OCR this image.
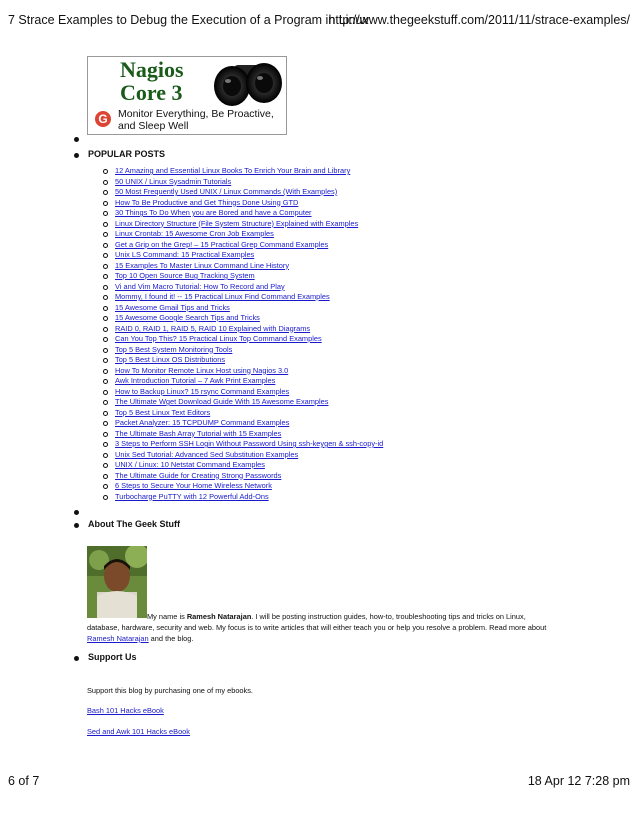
7 Strace Examples to Debug the Execution of a Program in Linux
http://www.thegeekstuff.com/2011/11/strace-examples/
Nagios
Core 3
G Monitor Everything, Be Proactive, and Sleep Well
POPULAR POSTS
12 Amazing and Essential Linux Books To Enrich Your Brain and Library
50 UNIX / Linux Sysadmin Tutorials
50 Most Frequently Used UNIX / Linux Commands (With Examples)
How To Be Productive and Get Things Done Using GTD
30 Things To Do When you are Bored and have a Computer
Linux Directory Structure (File System Structure) Explained with Examples
Linux Crontab: 15 Awesome Cron Job Examples
Get a Grip on the Grep! – 15 Practical Grep Command Examples
Unix LS Command: 15 Practical Examples
15 Examples To Master Linux Command Line History
Top 10 Open Source Bug Tracking System
Vi and Vim Macro Tutorial: How To Record and Play
Mommy, I found it! -- 15 Practical Linux Find Command Examples
15 Awesome Gmail Tips and Tricks
15 Awesome Google Search Tips and Tricks
RAID 0, RAID 1, RAID 5, RAID 10 Explained with Diagrams
Can You Top This? 15 Practical Linux Top Command Examples
Top 5 Best System Monitoring Tools
Top 5 Best Linux OS Distributions
How To Monitor Remote Linux Host using Nagios 3.0
Awk Introduction Tutorial – 7 Awk Print Examples
How to Backup Linux? 15 rsync Command Examples
The Ultimate Wget Download Guide With 15 Awesome Examples
Top 5 Best Linux Text Editors
Packet Analyzer: 15 TCPDUMP Command Examples
The Ultimate Bash Array Tutorial with 15 Examples
3 Steps to Perform SSH Login Without Password Using ssh-keygen & ssh-copy-id
Unix Sed Tutorial: Advanced Sed Substitution Examples
UNIX / Linux: 10 Netstat Command Examples
The Ultimate Guide for Creating Strong Passwords
6 Steps to Secure Your Home Wireless Network
Turbocharge PuTTY with 12 Powerful Add-Ons
About The Geek Stuff
My name is Ramesh Natarajan. I will be posting instruction guides, how-to, troubleshooting tips and tricks on Linux, database, hardware, security and web. My focus is to write articles that will either teach you or help you resolve a problem. Read more about Ramesh Natarajan and the blog.
Support Us
Support this blog by purchasing one of my ebooks.
Bash 101 Hacks eBook
Sed and Awk 101 Hacks eBook
6 of 7	18 Apr 12 7:28 pm
